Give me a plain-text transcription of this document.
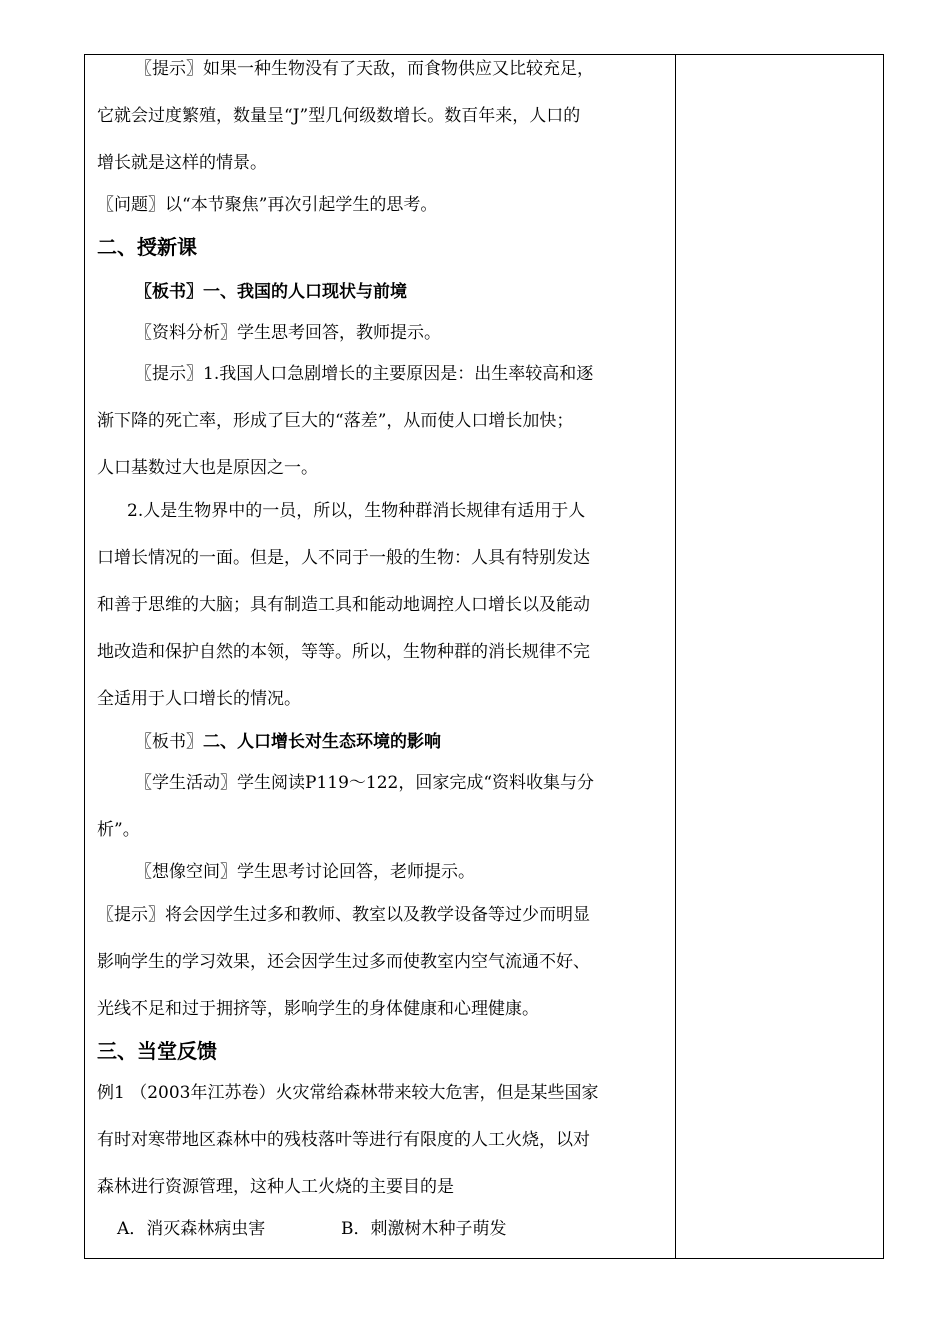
〖提示〗如果一种生物没有了天敌，而食物供应又比较充足，
它就会过度繁殖，数量呈“J”型几何级数增长。数百年来，人口的
增长就是这样的情景。
〖问题〗以“本节聚焦”再次引起学生的思考。
二、授新课
〖板书〗一、我国的人口现状与前境
〖资料分析〗学生思考回答，教师提示。
〖提示〗1.我国人口急剧增长的主要原因是：出生率较高和逐
渐下降的死亡率，形成了巨大的“落差”，从而使人口增长加快；
人口基数过大也是原因之一。
2.人是生物界中的一员，所以，生物种群消长规律有适用于人
口增长情况的一面。但是，人不同于一般的生物：人具有特别发达
和善于思维的大脑；具有制造工具和能动地调控人口增长以及能动
地改造和保护自然的本领，等等。所以，生物种群的消长规律不完
全适用于人口增长的情况。
〖板书〗二、人口增长对生态环境的影响
〖学生活动〗学生阅读P119～122，回家完成“资料收集与分
析”。
〖想像空间〗学生思考讨论回答，老师提示。
〖提示〗将会因学生过多和教师、教室以及教学设备等过少而明显
影响学生的学习效果，还会因学生过多而使教室内空气流通不好、
光线不足和过于拥挤等，影响学生的身体健康和心理健康。
三、当堂反馈
例1 （2003年江苏卷）火灾常给森林带来较大危害，但是某些国家
有时对寒带地区森林中的残枝落叶等进行有限度的人工火烧，以对
森林进行资源管理，这种人工火烧的主要目的是
A．消灭森林病虫害	B．刺激树木种子萌发
